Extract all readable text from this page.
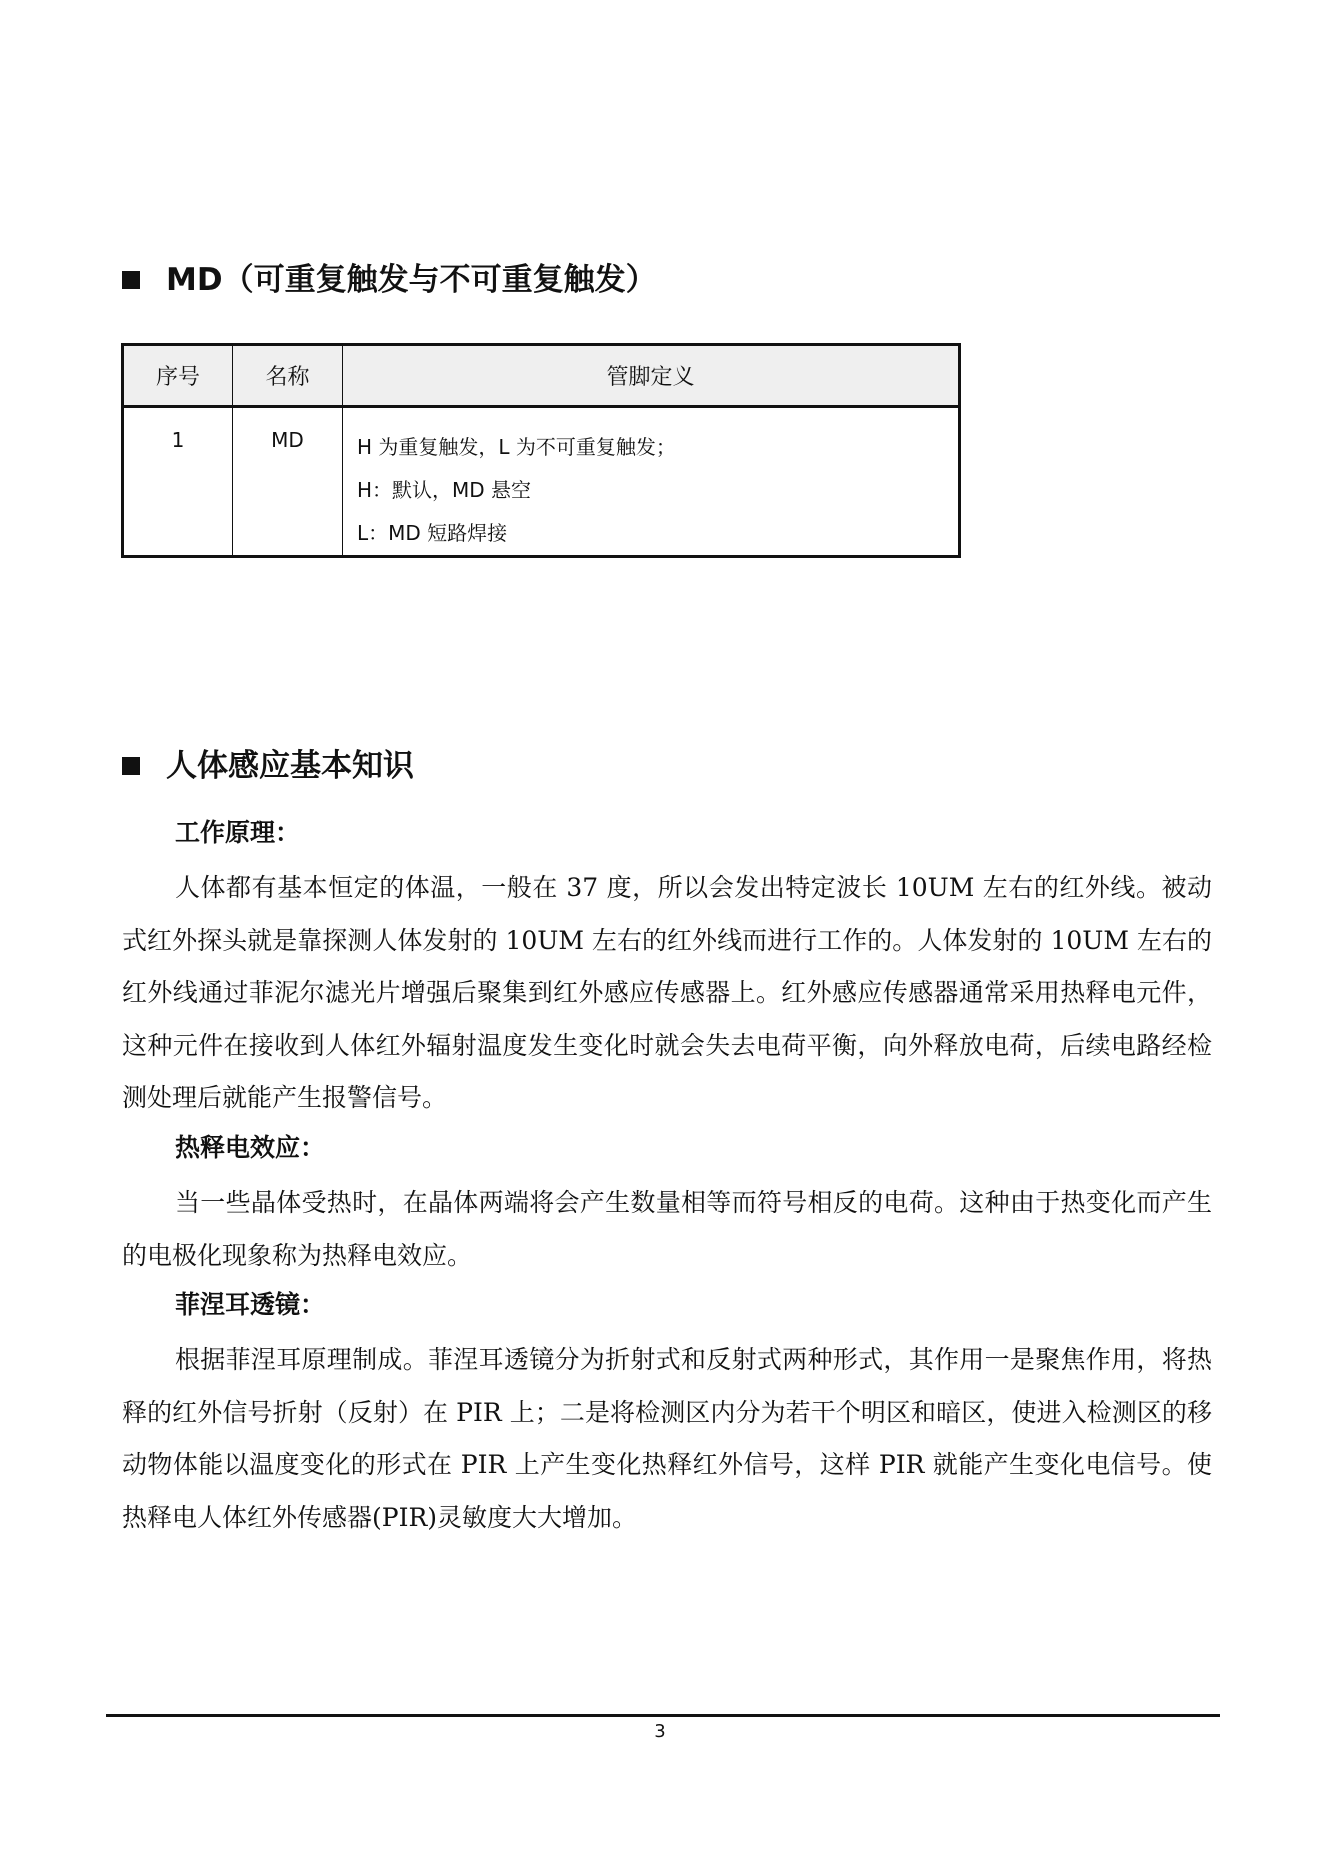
MD（可重复触发与不可重复触发）
序号	名称	管脚定义
1	MD	H 为重复触发，L 为不可重复触发；
H：默认，MD 悬空
L：MD 短路焊接
人体感应基本知识
工作原理：

人体都有基本恒定的体温，一般在 37 度，所以会发出特定波长 10UM 左右的红外线。被动式红外探头就是靠探测人体发射的 10UM 左右的红外线而进行工作的。人体发射的 10UM 左右的红外线通过菲泥尔滤光片增强后聚集到红外感应传感器上。红外感应传感器通常采用热释电元件，这种元件在接收到人体红外辐射温度发生变化时就会失去电荷平衡，向外释放电荷，后续电路经检测处理后就能产生报警信号。

热释电效应：

当一些晶体受热时，在晶体两端将会产生数量相等而符号相反的电荷。这种由于热变化而产生的电极化现象称为热释电效应。

菲涅耳透镜：

根据菲涅耳原理制成。菲涅耳透镜分为折射式和反射式两种形式，其作用一是聚焦作用，将热释的红外信号折射（反射）在 PIR 上；二是将检测区内分为若干个明区和暗区，使进入检测区的移动物体能以温度变化的形式在 PIR 上产生变化热释红外信号，这样 PIR 就能产生变化电信号。使热释电人体红外传感器(PIR)灵敏度大大增加。

3
